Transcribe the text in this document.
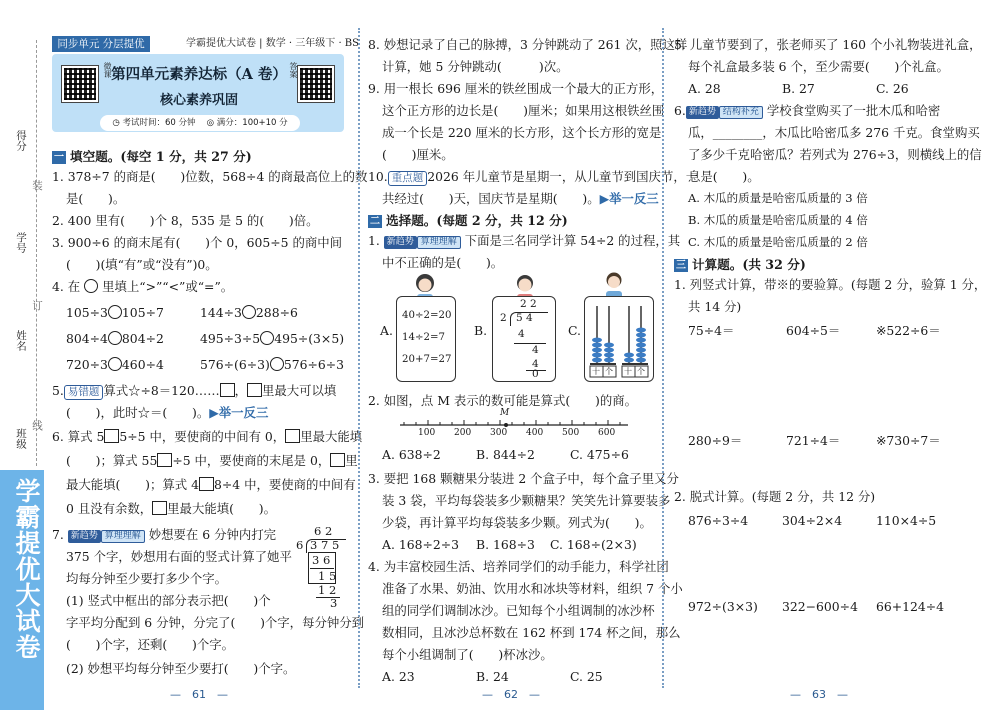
得分
学号
姓名
班级
装
订
线
学霸提优大试卷
同步单元 分层提优	学霸提优大试卷 | 数学 · 三年级下 · BS
微课	答案
第四单元素养达标（A 卷）
核心素养巩固
◷ 考试时间：60 分钟　 ◎ 满分：100+10 分
一 填空题。(每空 1 分，共 27 分)
1. 378÷7 的商是(　　)位数，568÷4 的商最高位上的数
是(　　)。
2. 400 里有(　　)个 8，535 是 5 的(　　)倍。
3. 900÷6 的商末尾有(　　)个 0，605÷5 的商中间
(　　)(填“有”或“没有”)0。
4. 在 里填上“>”“<”或“=”。
105÷3 105÷7	144÷3 288÷6
804÷4 804÷2	495÷3÷5 495÷(3×5)
720÷3 460÷4	576÷(6÷3) 576÷6÷3
5. 易错题 算式☆÷8＝120…… ， 里最大可以填
(　　)，此时☆＝(　　)。▶举一反三
6. 算式 5 5÷5 中，要使商的中间有 0， 里最大能填
(　　)；算式 55 ÷5 中，要使商的末尾是 0， 里
最大能填(　　)；算式 4 8÷4 中，要使商的中间有
0 且没有余数， 里最大能填(　　)。
7. 新趋势 算理理解 妙想要在 6 分钟内打完
375 个字，妙想用右面的竖式计算了她平
均每分钟至少要打多少个字。
(1) 竖式中框出的部分表示把(　　)个
字平均分配到 6 分钟，分完了(　　)个字，每分钟分到
(　　)个字，还剩(　　)个字。
(2) 妙想平均每分钟至少要打(　　)个字。
6 2
6 3 7 5
3 6
1 5
1 2
3
—　61　—
8. 妙想记录了自己的脉搏，3 分钟跳动了 261 次，照这样
计算，她 5 分钟跳动(　　　)次。
9. 用一根长 696 厘米的铁丝围成一个最大的正方形，
这个正方形的边长是(　　)厘米；如果用这根铁丝围
成一个长是 220 厘米的长方形，这个长方形的宽是
(　　)厘米。
10. 重点题 2026 年儿童节是星期一，从儿童节到国庆节，一
共经过(　　)天，国庆节是星期(　　)。▶举一反三
二 选择题。(每题 2 分，共 12 分)
1. 新趋势 算理理解 下面是三名同学计算 54÷2 的过程，其
中不正确的是(　　)。
A.
40÷2=20
14÷2=7
20+7=27
B.
2 2
2 5 4
4
4
4
0
C.
十 个 十 个
2. 如图，点 M 表示的数可能是算式(　　)的商。
M
100 200 300 400 500 600
A. 638÷2	B. 844÷2	C. 475÷6
3. 要把 168 颗糖果分装进 2 个盒子中，每个盒子里又分
装 3 袋，平均每袋装多少颗糖果？笑笑先计算要装多
少袋，再计算平均每袋装多少颗。列式为(　　)。
A. 168÷2÷3 B. 168÷3 C. 168÷(2×3)
4. 为丰富校园生活、培养同学们的动手能力，科学社团
准备了水果、奶油、饮用水和冰块等材料，组织 7 个小
组的同学们调制冰沙。已知每个小组调制的冰沙杯
数相同，且冰沙总杯数在 162 杯到 174 杯之间，那么
每个小组调制了(　　)杯冰沙。
A. 23	B. 24	C. 25
—　62　—
5. 儿童节要到了，张老师买了 160 个小礼物装进礼盒，
每个礼盒最多装 6 个，至少需要(　　)个礼盒。
A. 28	B. 27	C. 26
6. 新趋势 结构补充 学校食堂购买了一批木瓜和哈密
瓜，________，木瓜比哈密瓜多 276 千克。食堂购买
了多少千克哈密瓜？若列式为 276÷3，则横线上的信
息是(　　)。
A. 木瓜的质量是哈密瓜质量的 3 倍
B. 木瓜的质量是哈密瓜质量的 4 倍
C. 木瓜的质量是哈密瓜质量的 2 倍
三 计算题。(共 32 分)
1. 列竖式计算，带※的要验算。(每题 2 分，验算 1 分，
共 14 分)
75÷4＝	604÷5＝	※522÷6＝
280÷9＝	721÷4＝	※730÷7＝
2. 脱式计算。(每题 2 分，共 12 分)
876÷3÷4	304÷2×4	110×4÷5
972÷(3×3) 322−600÷4 66+124÷4
—　63　—
